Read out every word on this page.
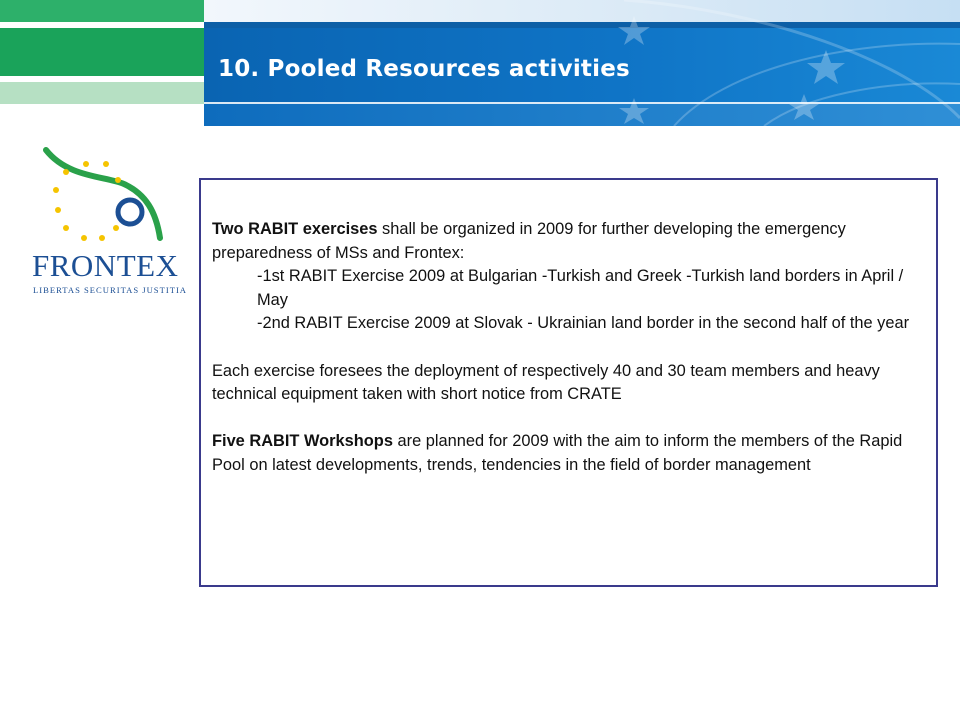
10. Pooled Resources activities

FRONTEX

LIBERTAS SECURITAS JUSTITIA

Two RABIT exercises shall be organized in 2009 for further developing the emergency preparedness of MSs and Frontex:

-1st RABIT Exercise 2009 at Bulgarian -Turkish and Greek -Turkish land borders in April / May

-2nd RABIT Exercise 2009 at Slovak - Ukrainian land border in the second half of the year

Each exercise foresees the deployment of respectively 40 and 30 team members and heavy technical equipment taken with short notice from CRATE

Five RABIT Workshops are planned for 2009 with the aim to inform the members of the Rapid Pool on latest developments, trends, tendencies in the field of border management
